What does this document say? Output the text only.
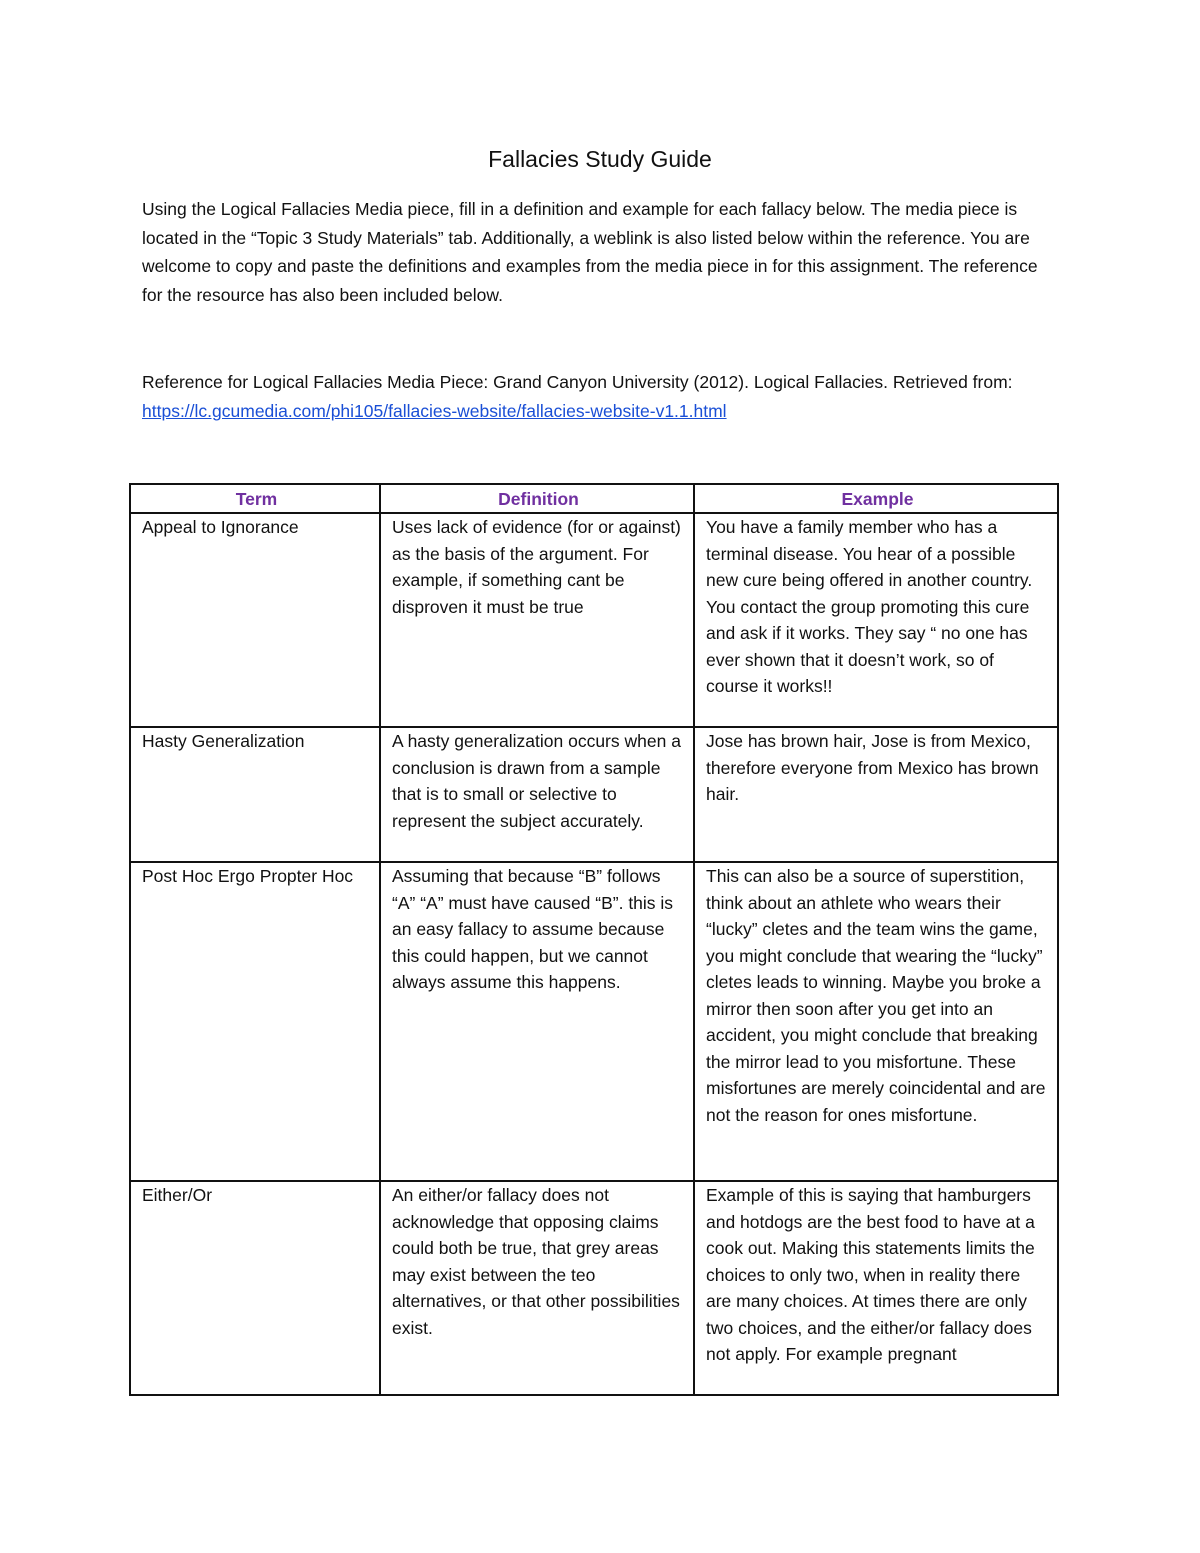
Fallacies Study Guide

Using the Logical Fallacies Media piece, fill in a definition and example for each fallacy below. The media piece is located in the “Topic 3 Study Materials” tab. Additionally, a weblink is also listed below within the reference. You are welcome to copy and paste the definitions and examples from the media piece in for this assignment. The reference for the resource has also been included below.

Reference for Logical Fallacies Media Piece: Grand Canyon University (2012). Logical Fallacies. Retrieved from: https://lc.gcumedia.com/phi105/fallacies-website/fallacies-website-v1.1.html

Term	Definition	Example
Appeal to Ignorance	Uses lack of evidence (for or against) as the basis of the argument. For example, if something cant be disproven it must be true	You have a family member who has a terminal disease. You hear of a possible new cure being offered in another country. You contact the group promoting this cure and ask if it works. They say “ no one has ever shown that it doesn’t work, so of course it works!!
Hasty Generalization	A hasty generalization occurs when a conclusion is drawn from a sample that is to small or selective to represent the subject accurately.	Jose has brown hair, Jose is from Mexico, therefore everyone from Mexico has brown hair.
Post Hoc Ergo Propter Hoc	Assuming that because “B” follows “A” “A” must have caused “B”. this is an easy fallacy to assume because this could happen, but we cannot always assume this happens.	This can also be a source of superstition, think about an athlete who wears their “lucky” cletes and the team wins the game, you might conclude that wearing the “lucky” cletes leads to winning. Maybe you broke a mirror then soon after you get into an accident, you might conclude that breaking the mirror lead to you misfortune. These misfortunes are merely coincidental and are not the reason for ones misfortune.
Either/Or	An either/or fallacy does not acknowledge that opposing claims could both be true, that grey areas may exist between the teo alternatives, or that other possibilities exist.	Example of this is saying that hamburgers and hotdogs are the best food to have at a cook out. Making this statements limits the choices to only two, when in reality there are many choices. At times there are only two choices, and the either/or fallacy does not apply. For example pregnant
